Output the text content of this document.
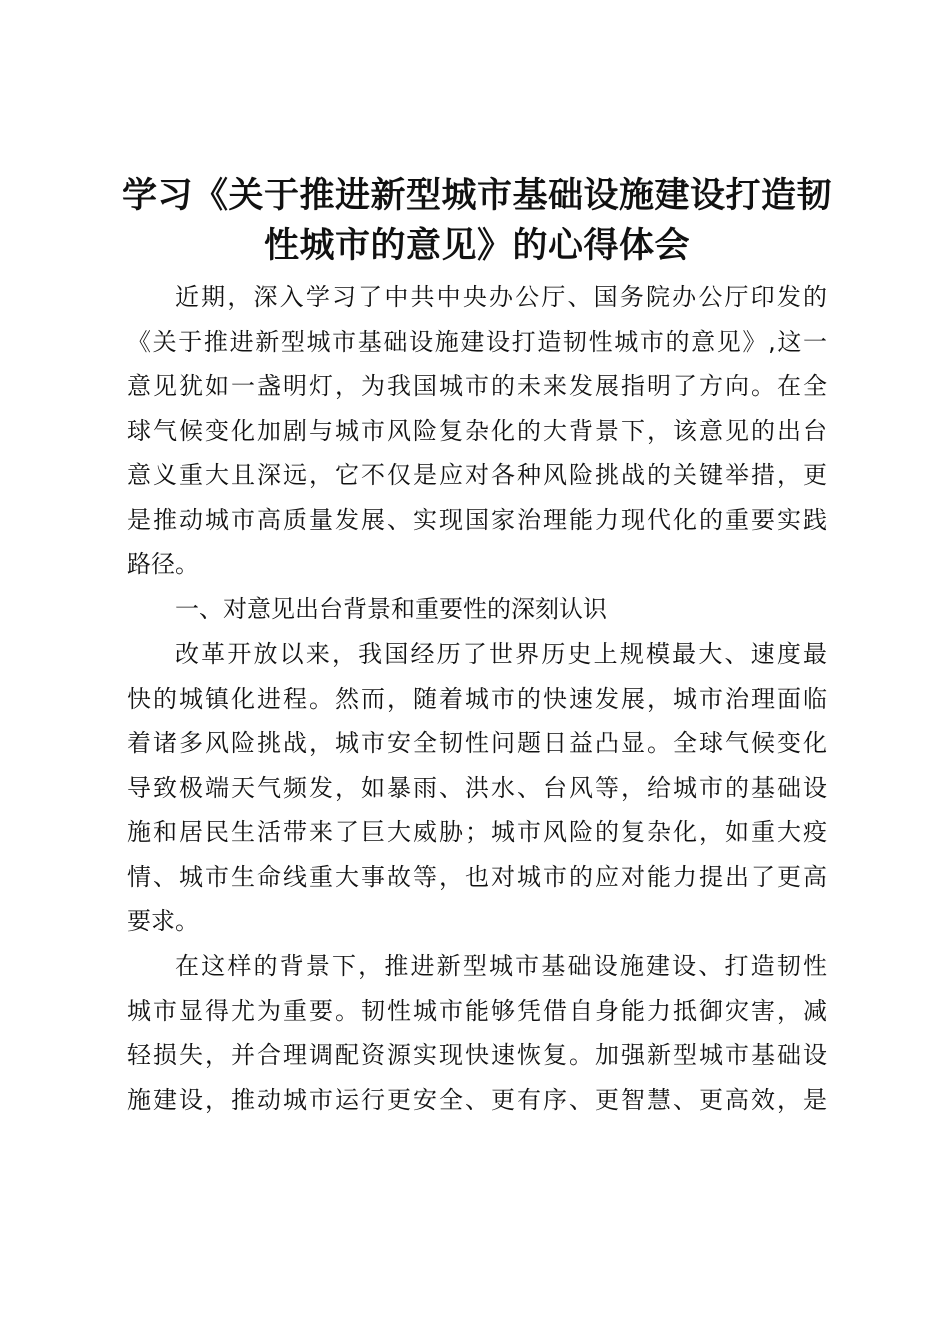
学习《关于推进新型城市基础设施建设打造韧
性城市的意见》的心得体会
近期，深入学习了中共中央办公厅、国务院办公厅印发的
《关于推进新型城市基础设施建设打造韧性城市的意见》,这一
意见犹如一盏明灯，为我国城市的未来发展指明了方向。在全
球气候变化加剧与城市风险复杂化的大背景下，该意见的出台
意义重大且深远，它不仅是应对各种风险挑战的关键举措，更
是推动城市高质量发展、实现国家治理能力现代化的重要实践
路径。
一、对意见出台背景和重要性的深刻认识
改革开放以来，我国经历了世界历史上规模最大、速度最
快的城镇化进程。然而，随着城市的快速发展，城市治理面临
着诸多风险挑战，城市安全韧性问题日益凸显。全球气候变化
导致极端天气频发，如暴雨、洪水、台风等，给城市的基础设
施和居民生活带来了巨大威胁；城市风险的复杂化，如重大疫
情、城市生命线重大事故等，也对城市的应对能力提出了更高
要求。
在这样的背景下，推进新型城市基础设施建设、打造韧性
城市显得尤为重要。韧性城市能够凭借自身能力抵御灾害，减
轻损失，并合理调配资源实现快速恢复。加强新型城市基础设
施建设，推动城市运行更安全、更有序、更智慧、更高效，是
